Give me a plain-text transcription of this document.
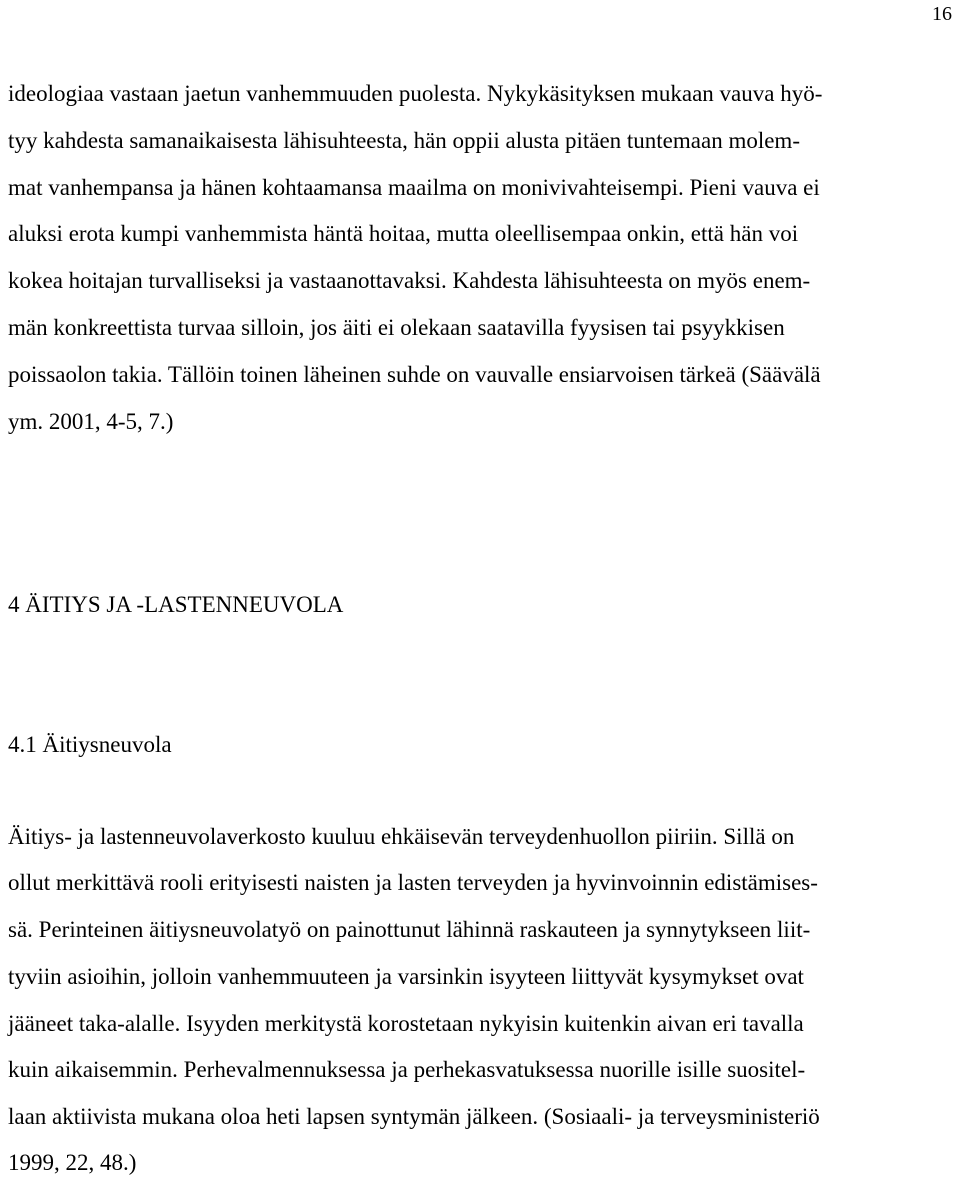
16
ideologiaa vastaan jaetun vanhemmuuden puolesta. Nykykäsityksen mukaan vauva hyö-
tyy kahdesta samanaikaisesta lähisuhteesta, hän oppii alusta pitäen tuntemaan molem-
mat vanhempansa ja hänen kohtaamansa maailma on monivivahteisempi. Pieni vauva ei
aluksi erota kumpi vanhemmista häntä hoitaa, mutta oleellisempaa onkin, että hän voi
kokea hoitajan turvalliseksi ja vastaanottavaksi. Kahdesta lähisuhteesta on myös enem-
män konkreettista turvaa silloin, jos äiti ei olekaan saatavilla fyysisen tai psyykkisen
poissaolon takia. Tällöin toinen läheinen suhde on vauvalle ensiarvoisen tärkeä (Säävälä
ym. 2001, 4-5, 7.)
4 ÄITIYS JA -LASTENNEUVOLA
4.1 Äitiysneuvola
Äitiys- ja lastenneuvolaverkosto kuuluu ehkäisevän terveydenhuollon piiriin. Sillä on
ollut merkittävä rooli erityisesti naisten ja lasten terveyden ja hyvinvoinnin edistämises-
sä. Perinteinen äitiysneuvolatyö on painottunut lähinnä raskauteen ja synnytykseen liit-
tyviin asioihin, jolloin vanhemmuuteen ja varsinkin isyyteen liittyvät kysymykset ovat
jääneet taka-alalle. Isyyden merkitystä korostetaan nykyisin kuitenkin aivan eri tavalla
kuin aikaisemmin. Perhevalmennuksessa ja perhekasvatuksessa nuorille isille suositel-
laan aktiivista mukana oloa heti lapsen syntymän jälkeen. (Sosiaali- ja terveysministeriö
1999, 22, 48.)
